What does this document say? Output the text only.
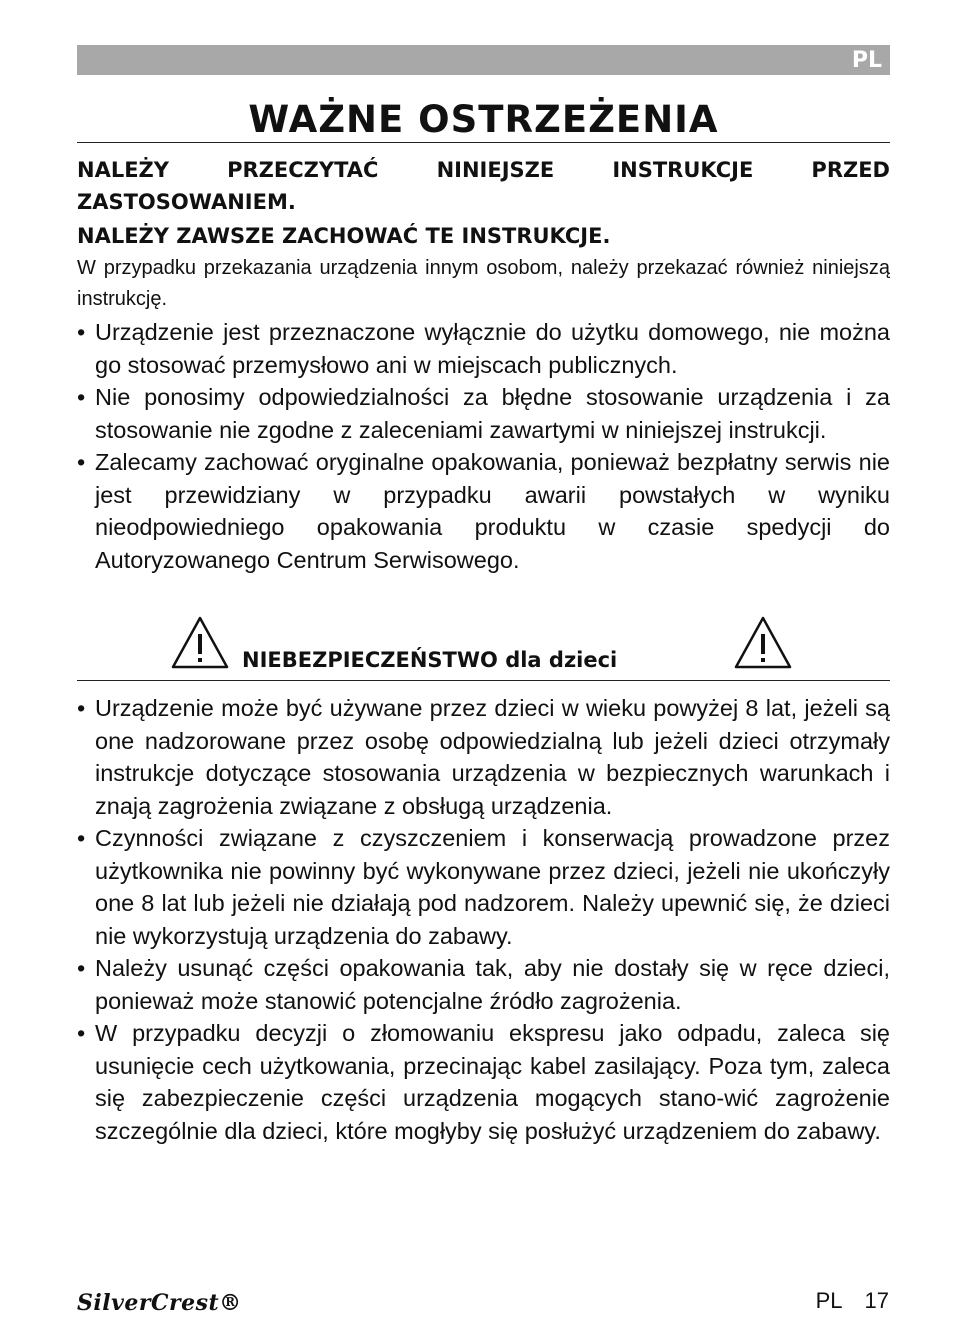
PL
WAŻNE OSTRZEŻENIA
NALEŻY PRZECZYTAĆ NINIEJSZE INSTRUKCJE PRZED
ZASTOSOWANIEM.
NALEŻY ZAWSZE ZACHOWAĆ TE INSTRUKCJE.
W przypadku przekazania urządzenia innym osobom, należy przekazać również niniejszą instrukcję.
• Urządzenie jest przeznaczone wyłącznie do użytku domowego, nie można go stosować przemysłowo ani w miejscach publicznych.
• Nie ponosimy odpowiedzialności za błędne stosowanie urządzenia i za stosowanie nie zgodne z zaleceniami zawartymi w niniejszej instrukcji.
• Zalecamy zachować oryginalne opakowania, ponieważ bezpłatny serwis nie jest przewidziany w przypadku awarii powstałych w wyniku nieodpowiedniego opakowania produktu w czasie spedycji do Autoryzowanego Centrum Serwisowego.
NIEBEZPIECZEŃSTWO dla dzieci
• Urządzenie może być używane przez dzieci w wieku powyżej 8 lat, jeżeli są one nadzorowane przez osobę odpowiedzialną lub jeżeli dzieci otrzymały instrukcje dotyczące stosowania urządzenia w bezpiecznych warunkach i znają zagrożenia związane z obsługą urządzenia.
• Czynności związane z czyszczeniem i konserwacją prowadzone przez użytkownika nie powinny być wykonywane przez dzieci, jeżeli nie ukończyły one 8 lat lub jeżeli nie działają pod nadzorem. Należy upewnić się, że dzieci nie wykorzystują urządzenia do zabawy.
• Należy usunąć części opakowania tak, aby nie dostały się w ręce dzieci, ponieważ może stanowić potencjalne źródło zagrożenia.
• W przypadku decyzji o złomowaniu ekspresu jako odpadu, zaleca się usunięcie cech użytkowania, przecinając kabel zasilający. Poza tym, zaleca się zabezpieczenie części urządzenia mogących stano-wić zagrożenie szczególnie dla dzieci, które mogłyby się posłużyć urządzeniem do zabawy.
SilverCrest®	PL 17
